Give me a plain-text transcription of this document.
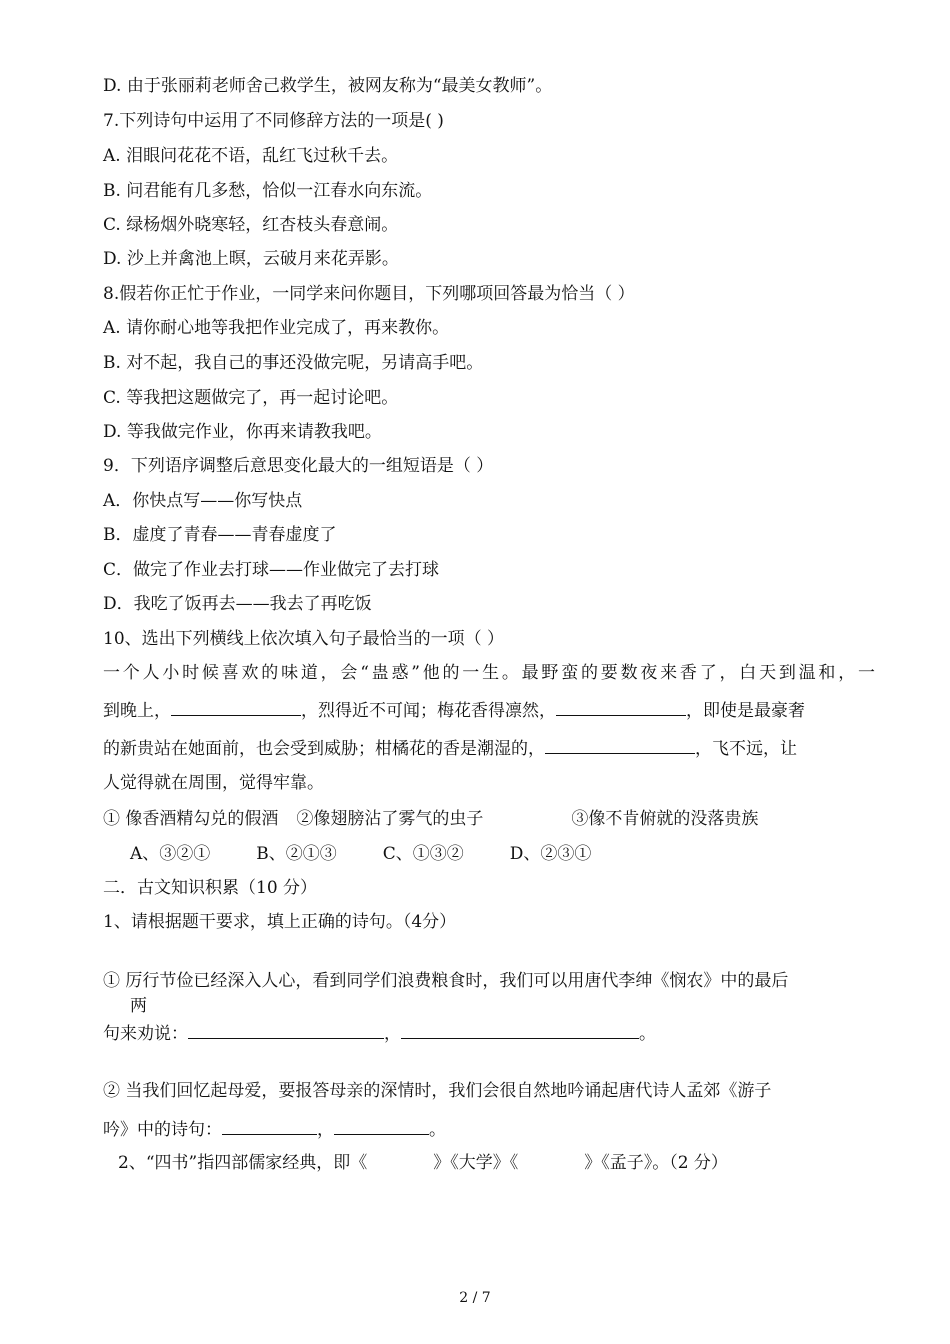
D. 由于张丽莉老师舍己救学生，被网友称为“最美女教师”。
7.下列诗句中运用了不同修辞方法的一项是( )
A. 泪眼问花花不语，乱红飞过秋千去。
B. 问君能有几多愁，恰似一江春水向东流。
C. 绿杨烟外晓寒轻，红杏枝头春意闹。
D. 沙上并禽池上暝，云破月来花弄影。
8.假若你正忙于作业，一同学来问你题目，下列哪项回答最为恰当（ ）
A. 请你耐心地等我把作业完成了，再来教你。
B. 对不起，我自己的事还没做完呢，另请高手吧。
C. 等我把这题做完了，再一起讨论吧。
D. 等我做完作业，你再来请教我吧。
9．下列语序调整后意思变化最大的一组短语是（ ）
A．你快点写——你写快点
B．虚度了青春——青春虚度了
C．做完了作业去打球——作业做完了去打球
D．我吃了饭再去——我去了再吃饭
10、选出下列横线上依次填入句子最恰当的一项（ ）
一个人小时候喜欢的味道，会“蛊惑”他的一生。最野蛮的要数夜来香了，白天到温和，一
到晚上，	，烈得近不可闻；梅花香得凛然，	，即使是最豪奢
的新贵站在她面前，也会受到威胁；柑橘花的香是潮湿的，	，飞不远，让
人觉得就在周围，觉得牢靠。
① 像香酒精勾兑的假酒 ②像翅膀沾了雾气的虫子	③像不肯俯就的没落贵族
A、③②①	B、②①③	C、①③②	D、②③①
二．古文知识积累（10 分）
1、请根据题干要求，填上正确的诗句。（4分）
① 厉行节俭已经深入人心，看到同学们浪费粮食时，我们可以用唐代李绅《悯农》中的最后
两
句来劝说：	，	。
② 当我们回忆起母爱，要报答母亲的深情时，我们会很自然地吟诵起唐代诗人孟郊《游子
吟》中的诗句：	，	。
2、“四书”指四部儒家经典，即《	》《大学》《	》《孟子》。（2 分）
2 / 7
